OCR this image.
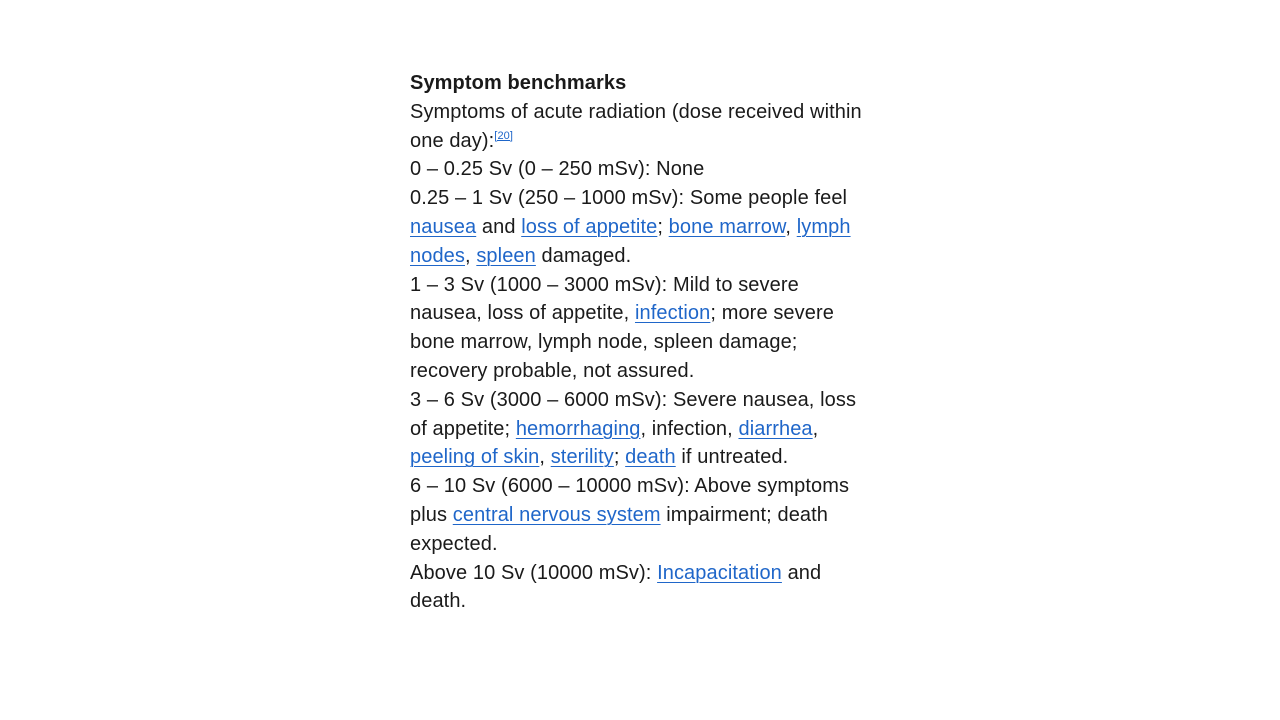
Symptom benchmarks

Symptoms of acute radiation (dose received within one day):[20]

0 – 0.25 Sv (0 – 250 mSv): None

0.25 – 1 Sv (250 – 1000 mSv): Some people feel nausea and loss of appetite; bone marrow, lymph nodes, spleen damaged.

1 – 3 Sv (1000 – 3000 mSv): Mild to severe nausea, loss of appetite, infection; more severe bone marrow, lymph node, spleen damage; recovery probable, not assured.

3 – 6 Sv (3000 – 6000 mSv): Severe nausea, loss of appetite; hemorrhaging, infection, diarrhea, peeling of skin, sterility; death if untreated.

6 – 10 Sv (6000 – 10000 mSv): Above symptoms plus central nervous system impairment; death expected.

Above 10 Sv (10000 mSv): Incapacitation and death.
